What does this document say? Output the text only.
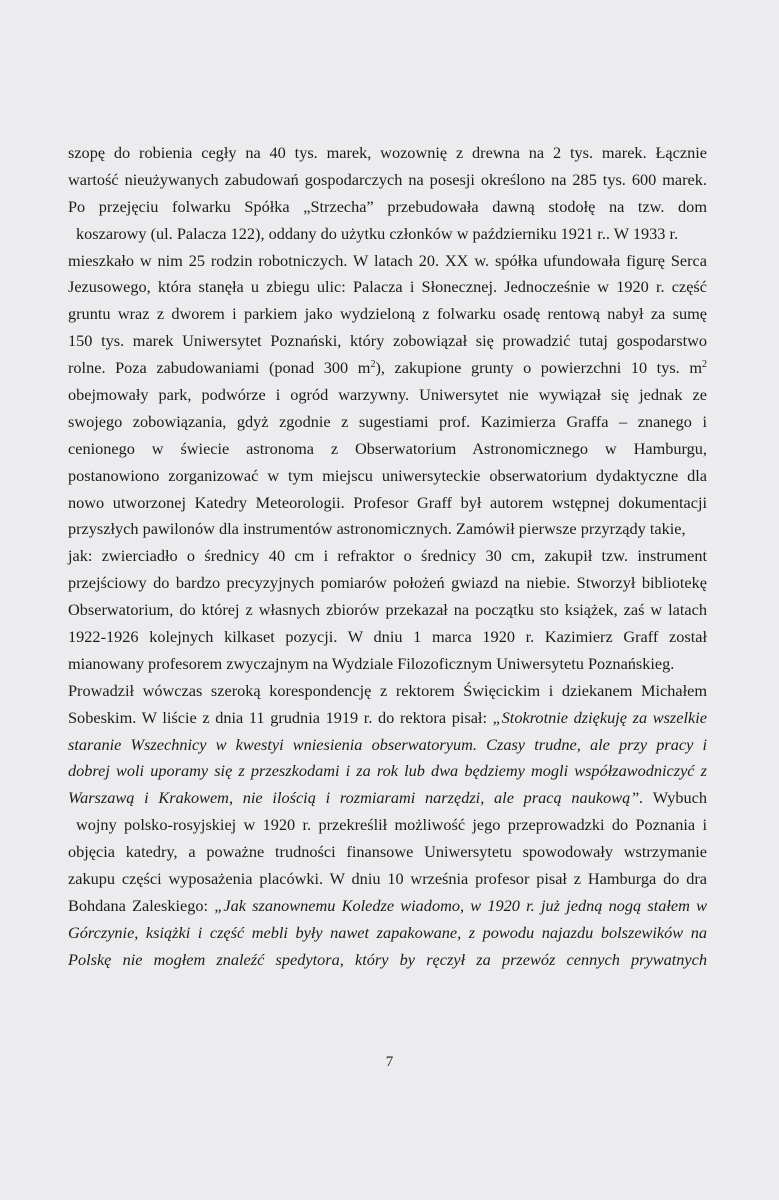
szopę do robienia cegły na 40 tys. marek, wozownię z drewna na 2 tys. marek. Łącznie
wartość nieużywanych zabudowań gospodarczych na posesji określono na 285 tys. 600 marek.
Po przejęciu folwarku Spółka „Strzecha” przebudowała dawną stodołę na tzw. dom
koszarowy (ul. Palacza 122), oddany do użytku członków w październiku 1921 r.. W 1933 r.
mieszkało w nim 25 rodzin robotniczych. W latach 20. XX w. spółka ufundowała figurę Serca
Jezusowego, która stanęła u zbiegu ulic: Palacza i Słonecznej. Jednocześnie w 1920 r. część
gruntu wraz z dworem i parkiem jako wydzieloną z folwarku osadę rentową nabył za sumę
150 tys. marek Uniwersytet Poznański, który zobowiązał się prowadzić tutaj gospodarstwo
rolne. Poza zabudowaniami (ponad 300 $m^2$), zakupione grunty o powierzchni 10 tys. $m^2$
obejmowały park, podwórze i ogród warzywny. Uniwersytet nie wywiązał się jednak ze
swojego zobowiązania, gdyż zgodnie z sugestiami prof. Kazimierza Graffa – znanego i
cenionego w świecie astronoma z Obserwatorium Astronomicznego w Hamburgu,
postanowiono zorganizować w tym miejscu uniwersyteckie obserwatorium dydaktyczne dla
nowo utworzonej Katedry Meteorologii. Profesor Graff był autorem wstępnej dokumentacji
przyszłych pawilonów dla instrumentów astronomicznych. Zamówił pierwsze przyrządy takie,
jak: zwierciadło o średnicy 40 cm i refraktor o średnicy 30 cm, zakupił tzw. instrument
przejściowy do bardzo precyzyjnych pomiarów położeń gwiazd na niebie. Stworzył bibliotekę
Obserwatorium, do której z własnych zbiorów przekazał na początku sto książek, zaś w latach
1922-1926 kolejnych kilkaset pozycji. W dniu 1 marca 1920 r. Kazimierz Graff został
mianowany profesorem zwyczajnym na Wydziale Filozoficznym Uniwersytetu Poznańskieg.
Prowadził wówczas szeroką korespondencję z rektorem Święcickim i dziekanem Michałem
Sobeskim. W liście z dnia 11 grudnia 1919 r. do rektora pisał: „Stokrotnie dziękuję za wszelkie
staranie Wszechnicy w kwestyi wniesienia obserwatoryum. Czasy trudne, ale przy pracy i
dobrej woli uporamy się z przeszkodami i za rok lub dwa będziemy mogli współzawodniczyć z
Warszawą i Krakowem, nie ilością i rozmiarami narzędzi, ale pracą naukową”. Wybuch
wojny polsko-rosyjskiej w 1920 r. przekreślił możliwość jego przeprowadzki do Poznania i
objęcia katedry, a poważne trudności finansowe Uniwersytetu spowodowały wstrzymanie
zakupu części wyposażenia placówki. W dniu 10 września profesor pisał z Hamburga do dra
Bohdana Zaleskiego: „Jak szanownemu Koledze wiadomo, w 1920 r. już jedną nogą stałem w
Górczynie, książki i część mebli były nawet zapakowane, z powodu najazdu bolszewików na
Polskę nie mogłem znaleźć spedytora, który by ręczył za przewóz cennych prywatnych
7
